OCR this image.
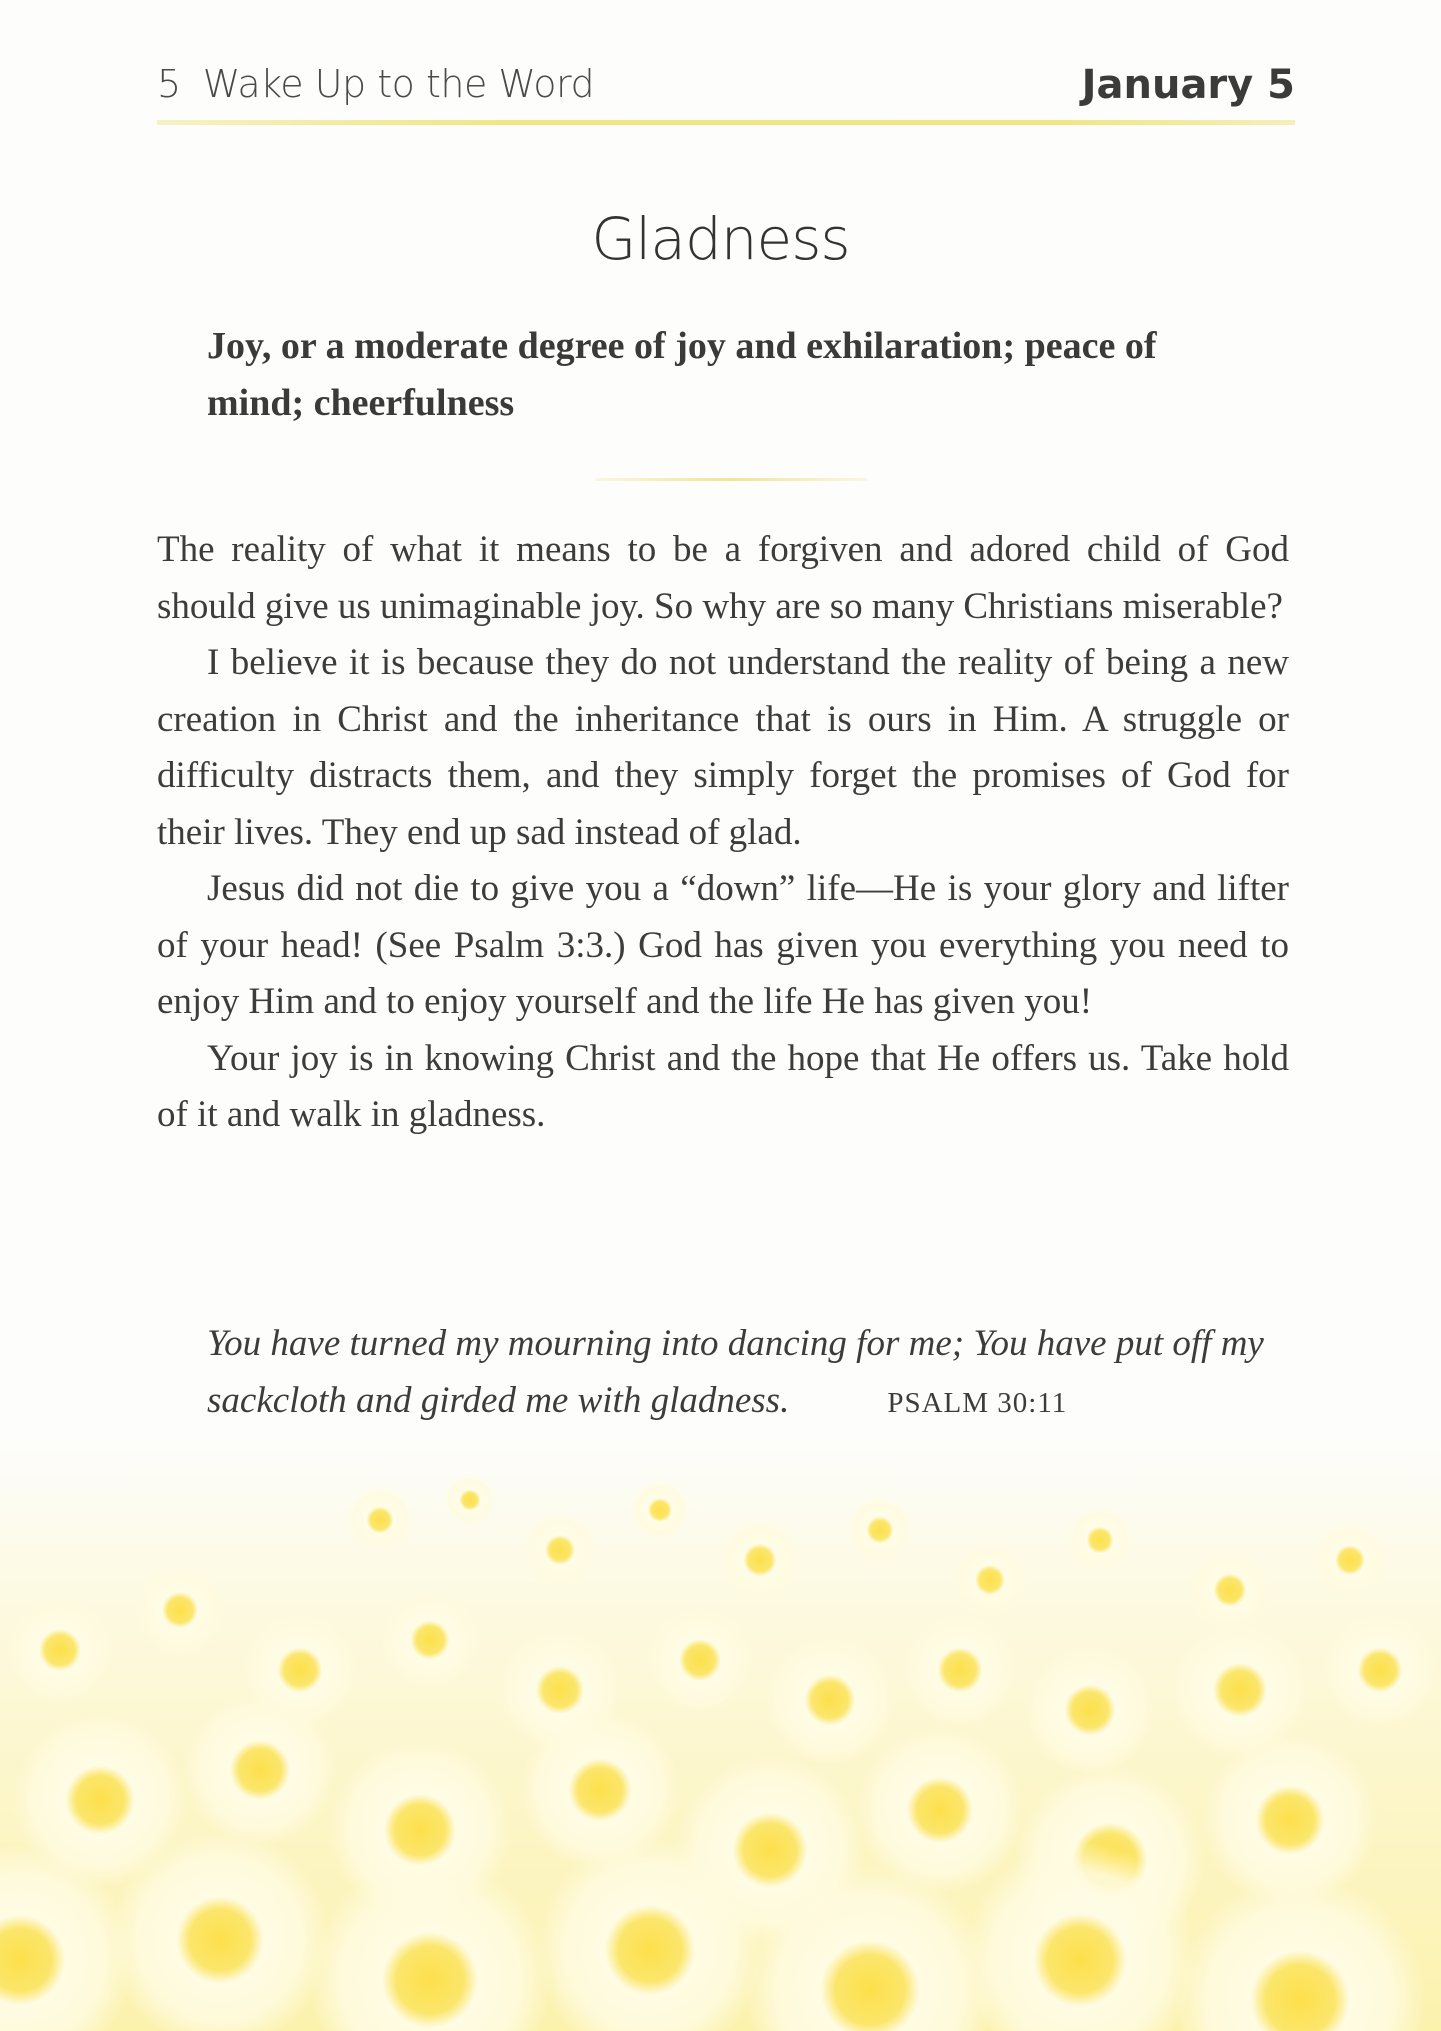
5 Wake Up to the Word	January 5
Gladness
Joy, or a moderate degree of joy and exhilaration; peace of mind; cheerfulness

The reality of what it means to be a forgiven and adored child of God should give us unimaginable joy. So why are so many Christians miserable?

I believe it is because they do not understand the reality of being a new creation in Christ and the inheritance that is ours in Him. A struggle or difficulty distracts them, and they simply forget the promises of God for their lives. They end up sad instead of glad.

Jesus did not die to give you a “down” life—He is your glory and lifter of your head! (See Psalm 3:3.) God has given you everything you need to enjoy Him and to enjoy yourself and the life He has given you!

Your joy is in knowing Christ and the hope that He offers us. Take hold of it and walk in gladness.

You have turned my mourning into dancing for me; You have put off my sackcloth and girded me with gladness.	PSALM 30:11
